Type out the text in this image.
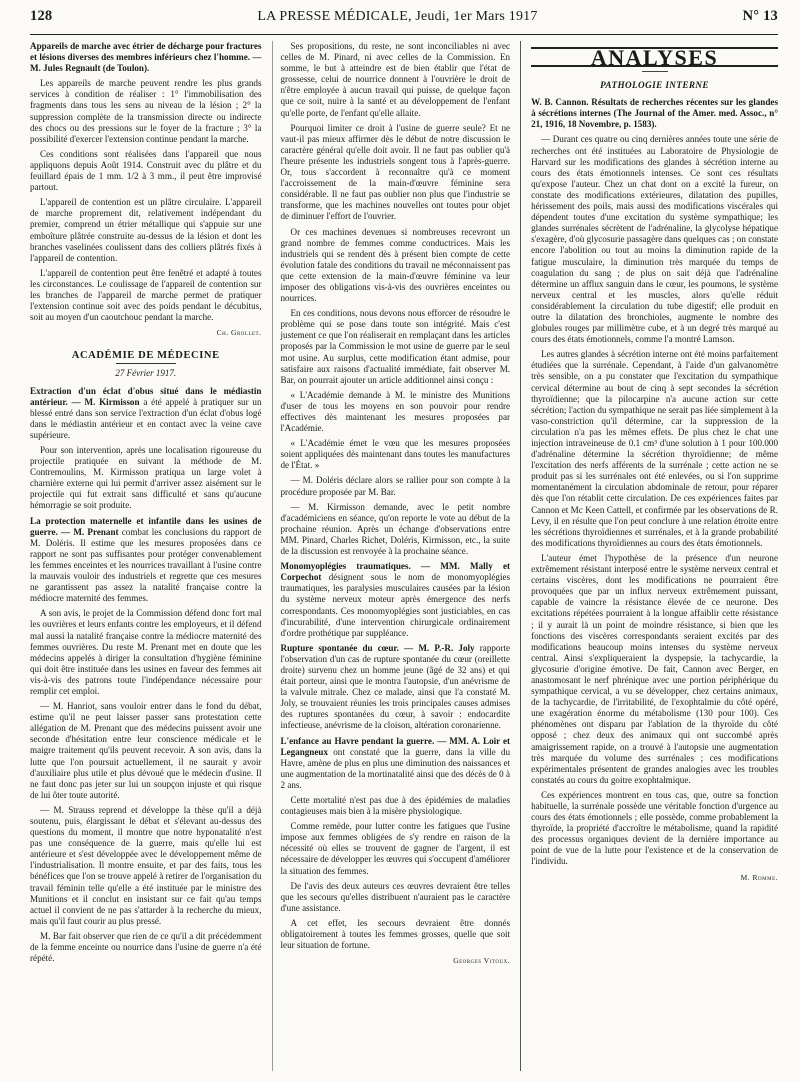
128	LA PRESSE MÉDICALE, Jeudi, 1er Mars 1917	N° 13

Appareils de marche avec étrier de décharge pour fractures et lésions diverses des membres inférieurs chez l'homme. — M. Jules Regnault (de Toulon).

Les appareils de marche peuvent rendre les plus grands services à condition de réaliser : 1° l'immobilisation des fragments dans tous les sens au niveau de la lésion ; 2° la suppression complète de la transmission directe ou indirecte des chocs ou des pressions sur le foyer de la fracture ; 3° la possibilité d'exercer l'extension continue pendant la marche.

Ces conditions sont réalisées dans l'appareil que nous appliquons depuis Août 1914. Construit avec du plâtre et du feuillard épais de 1 mm. 1/2 à 3 mm., il peut être improvisé partout.

L'appareil de contention est un plâtre circulaire. L'appareil de marche proprement dit, relativement indépendant du premier, comprend un étrier métallique qui s'appuie sur une emboîture plâtrée construite au-dessus de la lésion et dont les branches vaselinées coulissent dans des colliers plâtrés fixés à l'appareil de contention.

L'appareil de contention peut être fenêtré et adapté à toutes les circonstances. Le coulissage de l'appareil de contention sur les branches de l'appareil de marche permet de pratiquer l'extension continue soit avec des poids pendant le décubitus, soit au moyen d'un caoutchouc pendant la marche.

Ch. Grollet.
ACADÉMIE DE MÉDECINE
27 Février 1917.

Extraction d'un éclat d'obus situé dans le médiastin antérieur. — M. Kirmisson a été appelé à pratiquer sur un blessé entré dans son service l'extraction d'un éclat d'obus logé dans le médiastin antérieur et en contact avec la veine cave supérieure.

Pour son intervention, après une localisation rigoureuse du projectile pratiquée en suivant la méthode de M. Contremoulins, M. Kirmisson pratiqua un large volet à charnière externe qui lui permit d'arriver assez aisément sur le projectile qui fut extrait sans difficulté et sans qu'aucune hémorragie se soit produite.

La protection maternelle et infantile dans les usines de guerre. — M. Prenant combat les conclusions du rapport de M. Doléris. Il estime que les mesures proposées dans ce rapport ne sont pas suffisantes pour protéger convenablement les femmes enceintes et les nourrices travaillant à l'usine contre la mauvais vouloir des industriels et regrette que ces mesures ne garantissent pas assez la natalité française contre la médiocre maternité des femmes.

A son avis, le projet de la Commission défend donc fort mal les ouvrières et leurs enfants contre les employeurs, et il défend mal aussi la natalité française contre la médiocre maternité des femmes ouvrières. Du reste M. Prenant met en doute que les médecins appelés à diriger la consultation d'hygiène féminine qui doit être instituée dans les usines en faveur des femmes ait vis-à-vis des patrons toute l'indépendance nécessaire pour remplir cet emploi.

— M. Hanriot, sans vouloir entrer dans le fond du débat, estime qu'il ne peut laisser passer sans protestation cette allégation de M. Prenant que des médecins puissent avoir une seconde d'hésitation entre leur conscience médicale et le maigre traitement qu'ils peuvent recevoir. A son avis, dans la lutte que l'on poursuit actuellement, il ne saurait y avoir d'auxiliaire plus utile et plus dévoué que le médecin d'usine. Il ne faut donc pas jeter sur lui un soupçon injuste et qui risque de lui ôter toute autorité.

— M. Strauss reprend et développe la thèse qu'il a déjà soutenu, puis, élargissant le débat et s'élevant au-dessus des questions du moment, il montre que notre hyponatalité n'est pas une conséquence de la guerre, mais qu'elle lui est antérieure et s'est développée avec le développement même de l'industrialisation. Il montre ensuite, et par des faits, tous les bénéfices que l'on se trouve appelé à retirer de l'organisation du travail féminin telle qu'elle a été instituée par le ministre des Munitions et il conclut en insistant sur ce fait qu'au temps actuel il convient de ne pas s'attarder à la recherche du mieux, mais qu'il faut courir au plus pressé.

M. Bar fait observer que rien de ce qu'il a dit précédemment de la femme enceinte ou nourrice dans l'usine de guerre n'a été répété.

Ses propositions, du reste, ne sont inconciliables ni avec celles de M. Pinard, ni avec celles de la Commission. En somme, le but à atteindre est de bien établir que l'état de grossesse, celui de nourrice donnent à l'ouvrière le droit de n'être employée à aucun travail qui puisse, de quelque façon que ce soit, nuire à la santé et au développement de l'enfant qu'elle porte, de l'enfant qu'elle allaite.

Pourquoi limiter ce droit à l'usine de guerre seule? Et ne vaut-il pas mieux affirmer dès le début de notre discussion le caractère général qu'elle doit avoir. Il ne faut pas oublier qu'à l'heure présente les industriels songent tous à l'après-guerre. Or, tous s'accordent à reconnaître qu'à ce moment l'accroissement de la main-d'œuvre féminine sera considérable. Il ne faut pas oublier non plus que l'industrie se transforme, que les machines nouvelles ont toutes pour objet de diminuer l'effort de l'ouvrier.

Or ces machines devenues si nombreuses recevront un grand nombre de femmes comme conductrices. Mais les industriels qui se rendent dès à présent bien compte de cette évolution fatale des conditions du travail ne méconnaissent pas que cette extension de la main-d'œuvre féminine va leur imposer des obligations vis-à-vis des ouvrières enceintes ou nourrices.

En ces conditions, nous devons nous efforcer de résoudre le problème qui se pose dans toute son intégrité. Mais c'est justement ce que l'on réaliserait en remplaçant dans les articles proposés par la Commission le mot usine de guerre par le seul mot usine. Au surplus, cette modification étant admise, pour satisfaire aux raisons d'actualité immédiate, fait observer M. Bar, on pourrait ajouter un article additionnel ainsi conçu :

« L'Académie demande à M. le ministre des Munitions d'user de tous les moyens en son pouvoir pour rendre effectives dès maintenant les mesures proposées par l'Académie.

« L'Académie émet le vœu que les mesures proposées soient appliquées dès maintenant dans toutes les manufactures de l'État. »

— M. Doléris déclare alors se rallier pour son compte à la procédure proposée par M. Bar.

— M. Kirmisson demande, avec le petit nombre d'académiciens en séance, qu'on reporte le vote au début de la prochaine réunion. Après un échange d'observations entre MM. Pinard, Charles Richet, Doléris, Kirmisson, etc., la suite de la discussion est renvoyée à la prochaine séance.

Monomyoplégies traumatiques. — MM. Mally et Corpechot désignent sous le nom de monomyoplégies traumatiques, les paralysies musculaires causées par la lésion du système nerveux moteur après émergence des nerfs correspondants. Ces monomyoplégies sont justiciables, en cas d'incurabilité, d'une intervention chirurgicale ordinairement d'ordre prothétique par suppléance.

Rupture spontanée du cœur. — M. P.-R. Joly rapporte l'observation d'un cas de rupture spontanée du cœur (oreillette droite) survenu chez un homme jeune (âgé de 32 ans) et qui était porteur, ainsi que le montra l'autopsie, d'un anévrisme de la valvule mitrale. Chez ce malade, ainsi que l'a constaté M. Joly, se trouvaient réunies les trois principales causes admises des ruptures spontanées du cœur, à savoir : endocardite infectieuse, anévrisme de la cloison, altération coronarienne.

L'enfance au Havre pendant la guerre. — MM. A. Loir et Legangneux ont constaté que la guerre, dans la ville du Havre, amène de plus en plus une diminution des naissances et une augmentation de la mortinatalité ainsi que des décès de 0 à 2 ans.

Cette mortalité n'est pas due à des épidémies de maladies contagieuses mais bien à la misère physiologique.

Comme remède, pour lutter contre les fatigues que l'usine impose aux femmes obligées de s'y rendre en raison de la nécessité où elles se trouvent de gagner de l'argent, il est nécessaire de développer les œuvres qui s'occupent d'améliorer la situation des femmes.

De l'avis des deux auteurs ces œuvres devraient être telles que les secours qu'elles distribuent n'auraient pas le caractère d'une assistance.

A cet effet, les secours devraient être donnés obligatoirement à toutes les femmes grosses, quelle que soit leur situation de fortune.

Georges Vitoux.
ANALYSES
PATHOLOGIE INTERNE

W. B. Cannon. Résultats de recherches récentes sur les glandes à sécrétions internes (The Journal of the Amer. med. Assoc., n° 21, 1916, 18 Novembre, p. 1583).

— Durant ces quatre ou cinq dernières années toute une série de recherches ont été instituées au Laboratoire de Physiologie de Harvard sur les modifications des glandes à sécrétion interne au cours des états émotionnels intenses. Ce sont ces résultats qu'expose l'auteur. Chez un chat dont on a excité la fureur, on constate des modifications extérieures, dilatation des pupilles, hérissement des poils, mais aussi des modifications viscérales qui dépendent toutes d'une excitation du système sympathique; les glandes surrénales sécrètent de l'adrénaline, la glycolyse hépatique s'exagère, d'où glycosurie passagère dans quelques cas ; on constate encore l'abolition ou tout au moins la diminution rapide de la fatigue musculaire, la diminution très marquée du temps de coagulation du sang ; de plus on sait déjà que l'adrénaline détermine un afflux sanguin dans le cœur, les poumons, le système nerveux central et les muscles, alors qu'elle réduit considérablement la circulation du tube digestif; elle produit en outre la dilatation des bronchioles, augmente le nombre des globules rouges par millimètre cube, et à un degré très marqué au cours des états émotionnels, comme l'a montré Lamson.

Les autres glandes à sécrétion interne ont été moins parfaitement étudiées que la surrénale. Cependant, à l'aide d'un galvanomètre très sensible, on a pu constater que l'excitation du sympathique cervical détermine au bout de cinq à sept secondes la sécrétion thyroïdienne; que la pilocarpine n'a aucune action sur cette sécrétion; l'action du sympathique ne serait pas liée simplement à la vaso-constriction qu'il détermine, car la suppression de la circulation n'a pas les mêmes effets. De plus chez le chat une injection intraveineuse de 0.1 cm³ d'une solution à 1 pour 100.000 d'adrénaline détermine la sécrétion thyroïdienne; de même l'excitation des nerfs afférents de la surrénale ; cette action ne se produit pas si les surrénales ont été enlevées, ou si l'on supprime momentanément la circulation abdominale de retour, pour réparer dès que l'on rétablit cette circulation. De ces expériences faites par Cannon et Mc Keen Cattell, et confirmée par les observations de R. Levy, il en résulte que l'on peut conclure à une relation étroite entre les sécrétions thyroïdiennes et surrénales, et à la grande probabilité des modifications thyroïdiennes au cours des états émotionnels.

L'auteur émet l'hypothèse de la présence d'un neurone extrêmement résistant interposé entre le système nerveux central et certains viscères, dont les modifications ne pourraient être provoquées que par un influx nerveux extrêmement puissant, capable de vaincre la résistance élevée de ce neurone. Des excitations répétées pourraient à la longue affaiblir cette résistance ; il y aurait là un point de moindre résistance, si bien que les fonctions des viscères correspondants seraient excités par des modifications beaucoup moins intenses du système nerveux central. Ainsi s'expliqueraient la dyspepsie, la tachycardie, la glycosurie d'origine émotive. De fait, Cannon avec Berger, en anastomosant le nerf phrénique avec une portion périphérique du sympathique cervical, a vu se développer, chez certains animaux, de la tachycardie, de l'irritabilité, de l'exophtalmie du côté opéré, une exagération énorme du métabolisme (130 pour 100). Ces phénomènes ont disparu par l'ablation de la thyroïde du côté opposé ; chez deux des animaux qui ont succombé après amaigrissement rapide, on a trouvé à l'autopsie une augmentation très marquée du volume des surrénales ; ces modifications expérimentales présentent de grandes analogies avec les troubles constatés au cours du goitre exophtalmique.

Ces expériences montrent en tous cas, que, outre sa fonction habituelle, la surrénale possède une véritable fonction d'urgence au cours des états émotionnels ; elle possède, comme probablement la thyroïde, la propriété d'accroître le métabolisme, quand la rapidité des processus organiques devient de la dernière importance au point de vue de la lutte pour l'existence et de la conservation de l'individu.

M. Romme.
